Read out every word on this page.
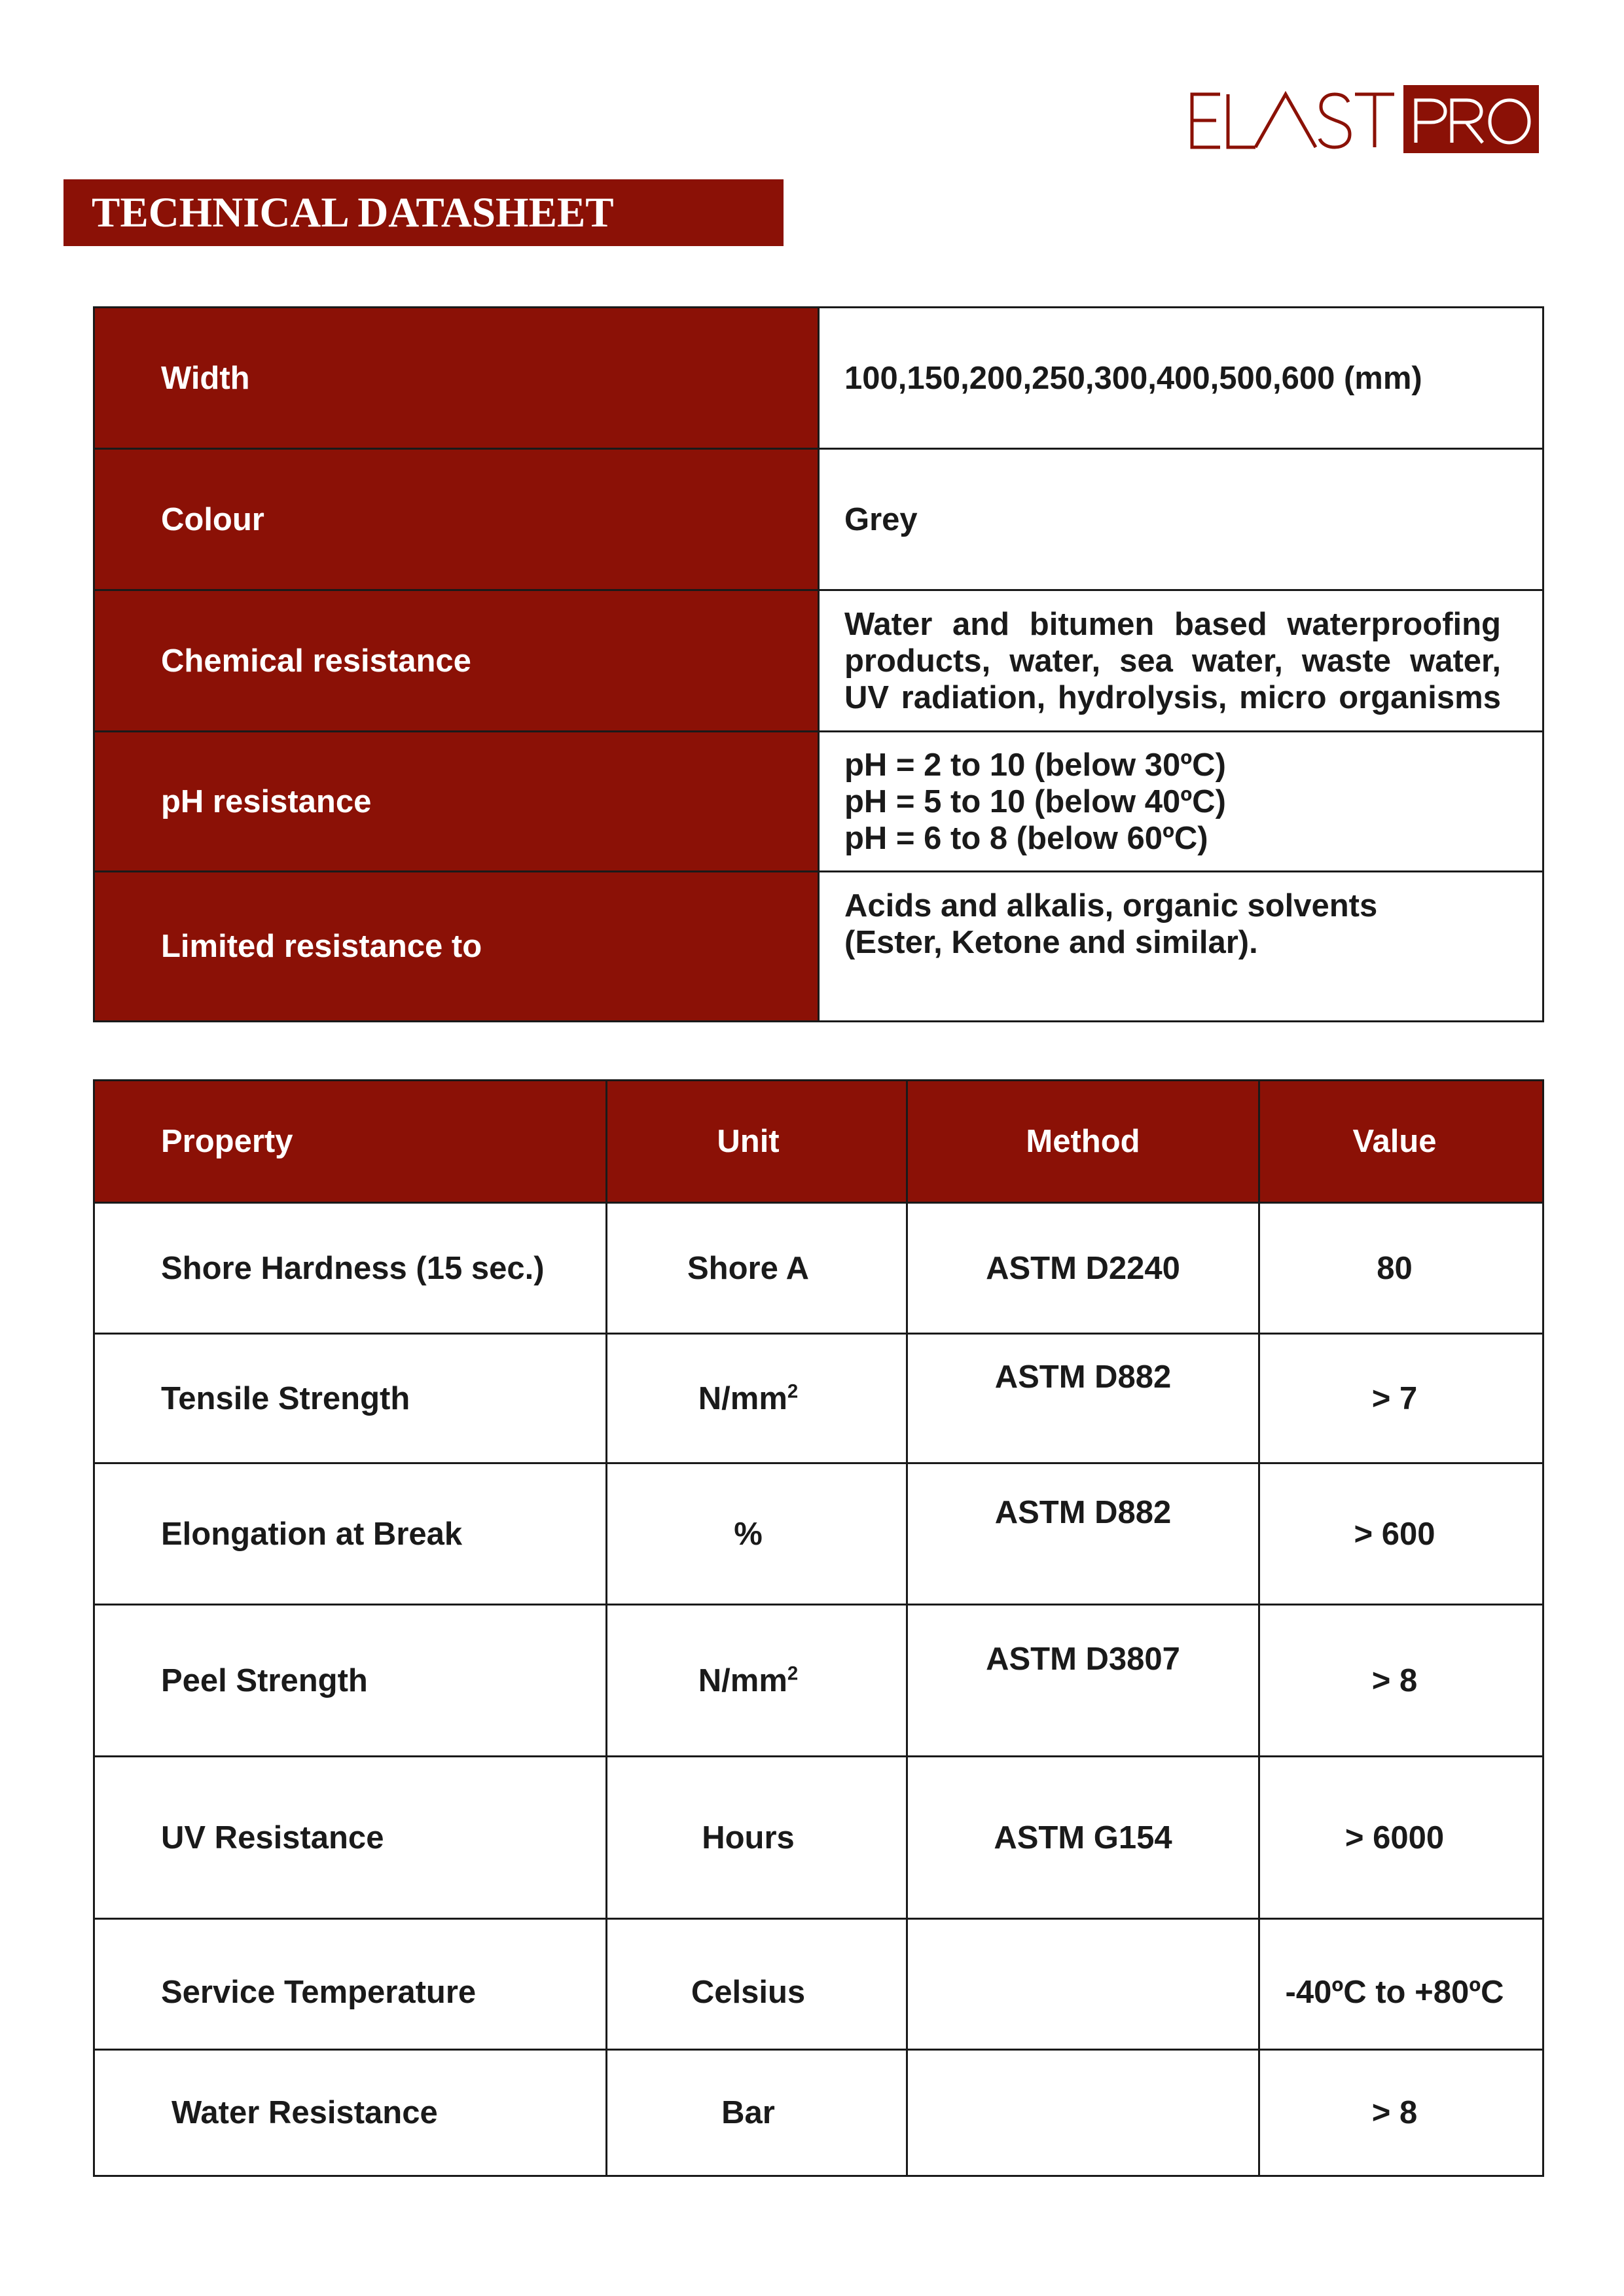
TECHNICAL DATASHEET
Width	100,150,200,250,300,400,500,600 (mm)

Colour	Grey

Chemical resistance	Water and bitumen based waterproofing
products, water, sea water, waste water,
UV radiation, hydrolysis, micro organisms

pH resistance	pH = 2 to 10 (below 30ºC)
pH = 5 to 10 (below 40ºC)
pH = 6 to 8 (below 60ºC)

Limited resistance to	Acids and alkalis, organic solvents
(Ester, Ketone and similar).
Property	Unit	Method	Value
Shore Hardness (15 sec.)	Shore A	ASTM D2240	80
Tensile Strength	$N/mm^2$	ASTM D882	> 7
Elongation at Break	%	ASTM D882	> 600
Peel Strength	$N/mm^2$	ASTM D3807	> 8
UV Resistance	Hours	ASTM G154	> 6000
Service Temperature	Celsius		-40ºC to +80ºC
Water Resistance	Bar		> 8
